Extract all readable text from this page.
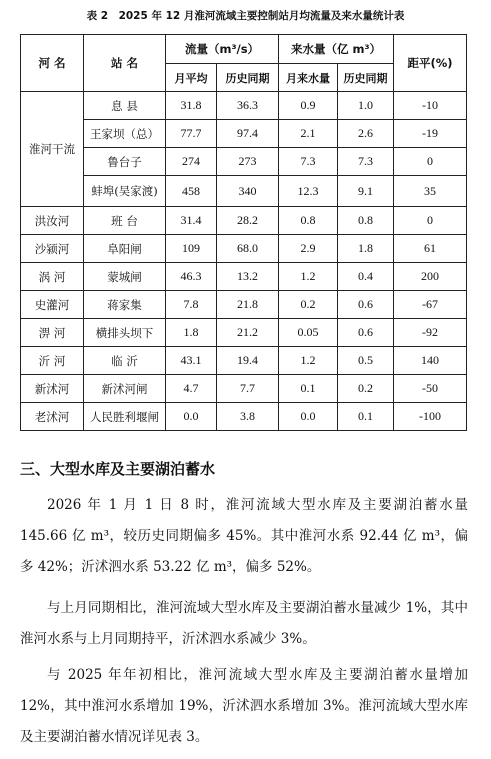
表 2　2025 年 12 月淮河流域主要控制站月均流量及来水量统计表
河 名	站 名	流量（m³/s）		来水量（亿 m³）		距平(%)
		月平均	历史同期	月来水量	历史同期	
淮河干流	息 县	31.8	36.3	0.9	1.0	-10
	王家坝（总）	77.7	97.4	2.1	2.6	-19
	鲁台子	274	273	7.3	7.3	0
	蚌埠(吴家渡)	458	340	12.3	9.1	35
洪汝河	班 台	31.4	28.2	0.8	0.8	0
沙颍河	阜阳闸	109	68.0	2.9	1.8	61
涡 河	蒙城闸	46.3	13.2	1.2	0.4	200
史灌河	蒋家集	7.8	21.8	0.2	0.6	-67
淠 河	横排头坝下	1.8	21.2	0.05	0.6	-92
沂 河	临 沂	43.1	19.4	1.2	0.5	140
新沭河	新沭河闸	4.7	7.7	0.1	0.2	-50
老沭河	人民胜利堰闸	0.0	3.8	0.0	0.1	-100
三、大型水库及主要湖泊蓄水

2026 年 1 月 1 日 8 时，淮河流域大型水库及主要湖泊蓄水量 145.66 亿 m³，较历史同期偏多 45%。其中淮河水系 92.44 亿 m³，偏多 42%；沂沭泗水系 53.22 亿 m³，偏多 52%。

与上月同期相比，淮河流域大型水库及主要湖泊蓄水量减少 1%，其中淮河水系与上月同期持平，沂沭泗水系减少 3%。

与 2025 年年初相比，淮河流域大型水库及主要湖泊蓄水量增加 12%，其中淮河水系增加 19%，沂沭泗水系增加 3%。淮河流域大型水库及主要湖泊蓄水情况详见表 3。
